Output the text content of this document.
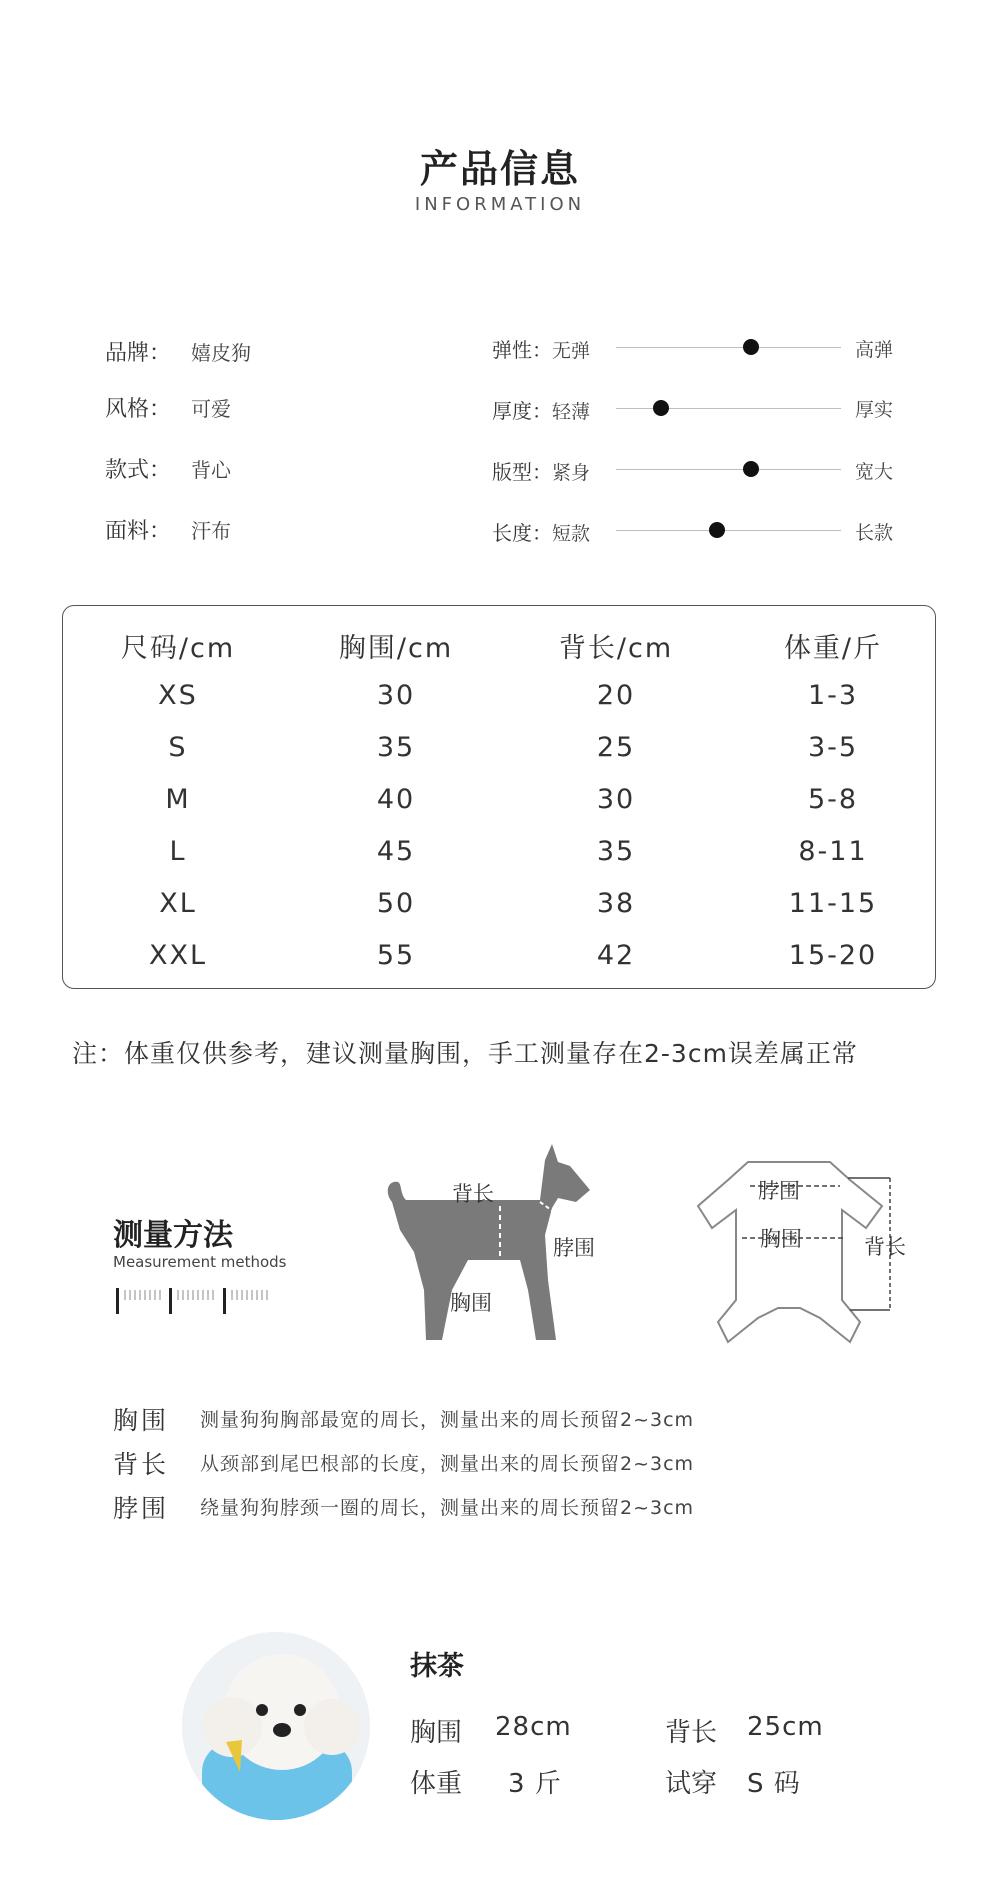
产品信息
INFORMATION
品牌： 嬉皮狗
风格： 可爱
款式： 背心
面料： 汗布
弹性：无弹	高弹
厚度：轻薄	厚实
版型：紧身	宽大
长度：短款	长款
尺码/cm	胸围/cm	背长/cm	体重/斤
XS	30	20	1-3
S	35	25	3-5
M	40	30	5-8
L	45	35	8-11
XL	50	38	11-15
XXL	55	42	15-20
注：体重仅供参考，建议测量胸围，手工测量存在2-3cm误差属正常
测量方法
Measurement methods
背长
脖围
胸围
脖围
胸围	背长
胸围 测量狗狗胸部最宽的周长，测量出来的周长预留2~3cm
背长 从颈部到尾巴根部的长度，测量出来的周长预留2~3cm
脖围 绕量狗狗脖颈一圈的周长，测量出来的周长预留2~3cm
抹茶
胸围 28cm	背长 25cm
体重 3 斤	试穿 S 码
